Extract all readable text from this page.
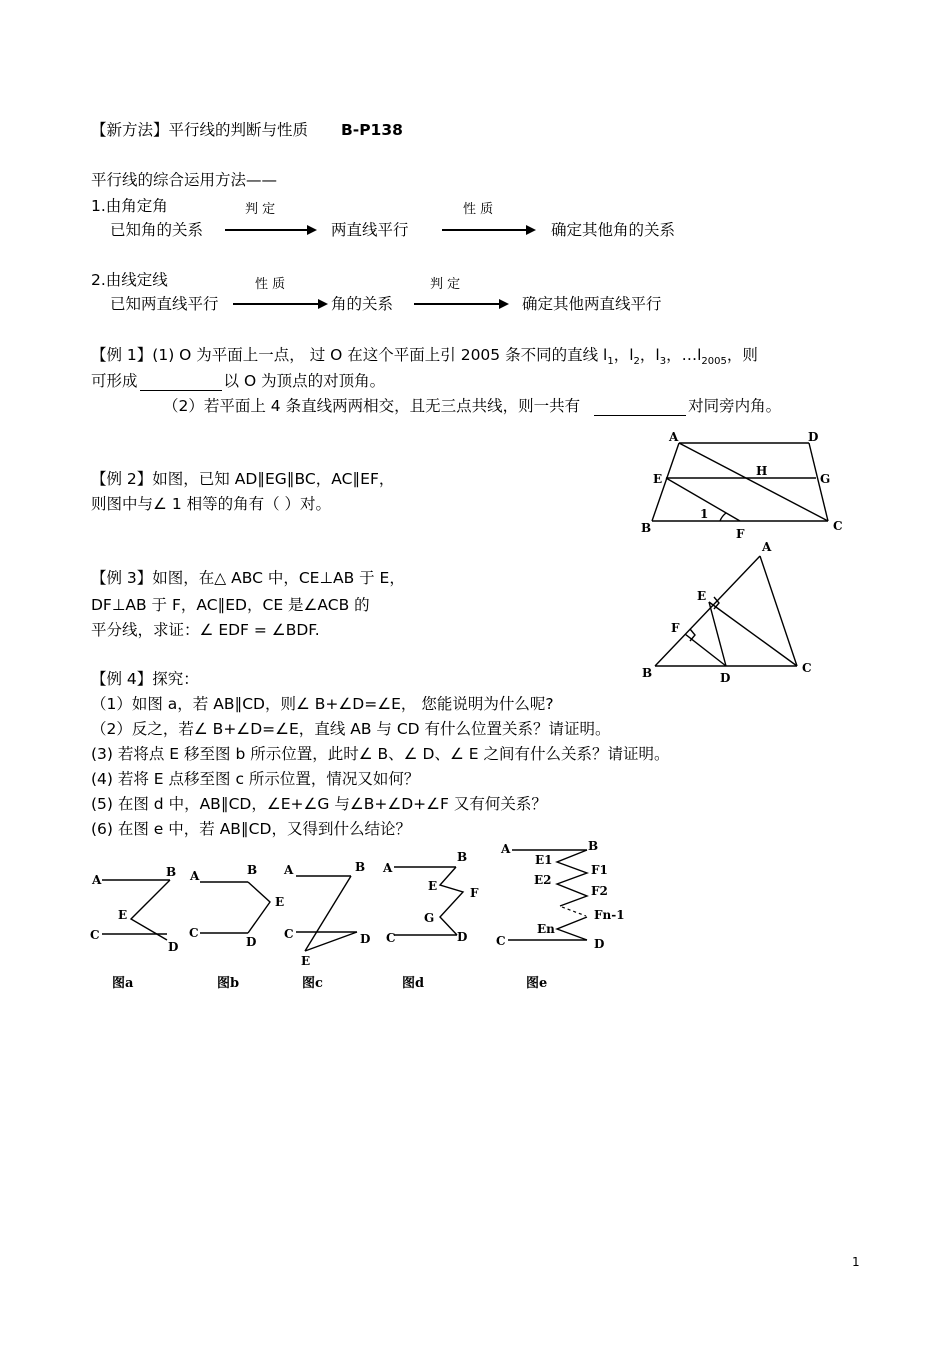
【新方法】平行线的判断与性质 B-P138
平行线的综合运用方法——
1.由角定角	判 定	性 质
已知角的关系	两直线平行	确定其他角的关系
2.由线定线	性 质	判 定
已知两直线平行	角的关系	确定其他两直线平行
【例 1】(1) O 为平面上一点， 过 O 在这个平面上引 2005 条不同的直线 $l_1$，$l_2$，$l_3$，$\dots l_{2005}$，则
可形成	以 O 为顶点的对顶角。
（2）若平面上 4 条直线两两相交，且无三点共线，则一共有	对同旁内角。
【例 2】如图，已知 AD∥EG∥BC，AC∥EF，
则图中与∠ 1 相等的角有（ ）对。
A	D
E
H
G
B
1
F
C
【例 3】如图，在△ ABC 中，CE⊥AB 于 E，
DF⊥AB 于 F，AC∥ED，CE 是∠ACB 的
平分线，求证：∠ EDF = ∠BDF.
A
E
F
B	D
C
【例 4】探究：
（1）如图 a，若 AB∥CD，则∠ B+∠D=∠E， 您能说明为什么呢?
（2）反之，若∠ B+∠D=∠E，直线 AB 与 CD 有什么位置关系？请证明。
(3) 若将点 E 移至图 b 所示位置，此时∠ B、∠ D、∠ E 之间有什么关系？请证明。
(4) 若将 E 点移至图 c 所示位置，情况又如何？
(5) 在图 d 中，AB∥CD，∠E+∠G 与∠B+∠D+∠F 又有何关系？
(6) 在图 e 中，若 AB∥CD，又得到什么结论？
A
B
E
C
D
A	B
E
C
D
A	B
C	D
E
A
B
E	F
G
C	D
A	B
E1
F1
E2
F2
Fn-1
En
C	D
图a	图b	图c	图d	图e
1
